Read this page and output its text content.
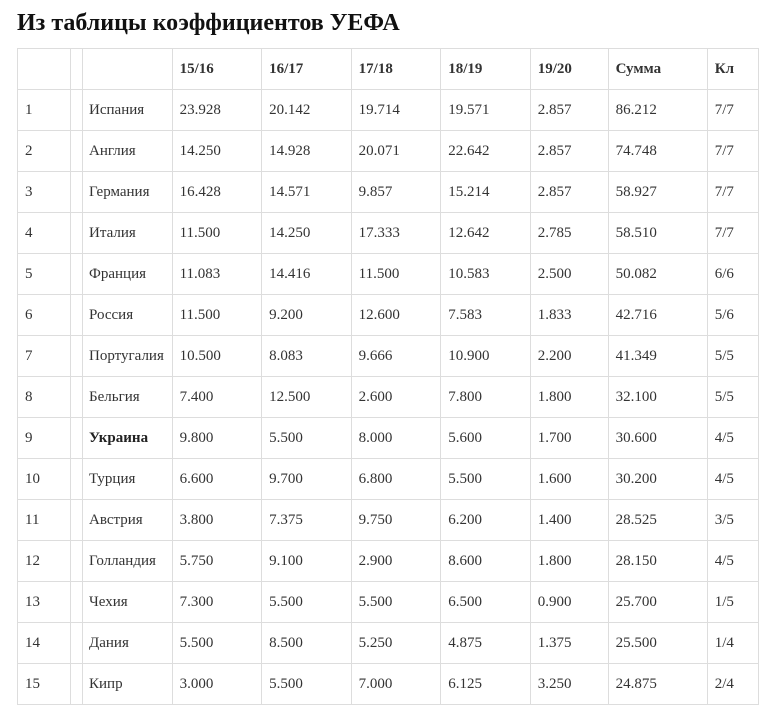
Из таблицы коэффициентов УЕФА
			15/16	16/17	17/18	18/19	19/20	Сумма	Кл
1		Испания	23.928	20.142	19.714	19.571	2.857	86.212	7/7
2		Англия	14.250	14.928	20.071	22.642	2.857	74.748	7/7
3		Германия	16.428	14.571	9.857	15.214	2.857	58.927	7/7
4		Италия	11.500	14.250	17.333	12.642	2.785	58.510	7/7
5		Франция	11.083	14.416	11.500	10.583	2.500	50.082	6/6
6		Россия	11.500	9.200	12.600	7.583	1.833	42.716	5/6
7		Португалия	10.500	8.083	9.666	10.900	2.200	41.349	5/5
8		Бельгия	7.400	12.500	2.600	7.800	1.800	32.100	5/5
9		Украина	9.800	5.500	8.000	5.600	1.700	30.600	4/5
10		Турция	6.600	9.700	6.800	5.500	1.600	30.200	4/5
11		Австрия	3.800	7.375	9.750	6.200	1.400	28.525	3/5
12		Голландия	5.750	9.100	2.900	8.600	1.800	28.150	4/5
13		Чехия	7.300	5.500	5.500	6.500	0.900	25.700	1/5
14		Дания	5.500	8.500	5.250	4.875	1.375	25.500	1/4
15		Кипр	3.000	5.500	7.000	6.125	3.250	24.875	2/4
